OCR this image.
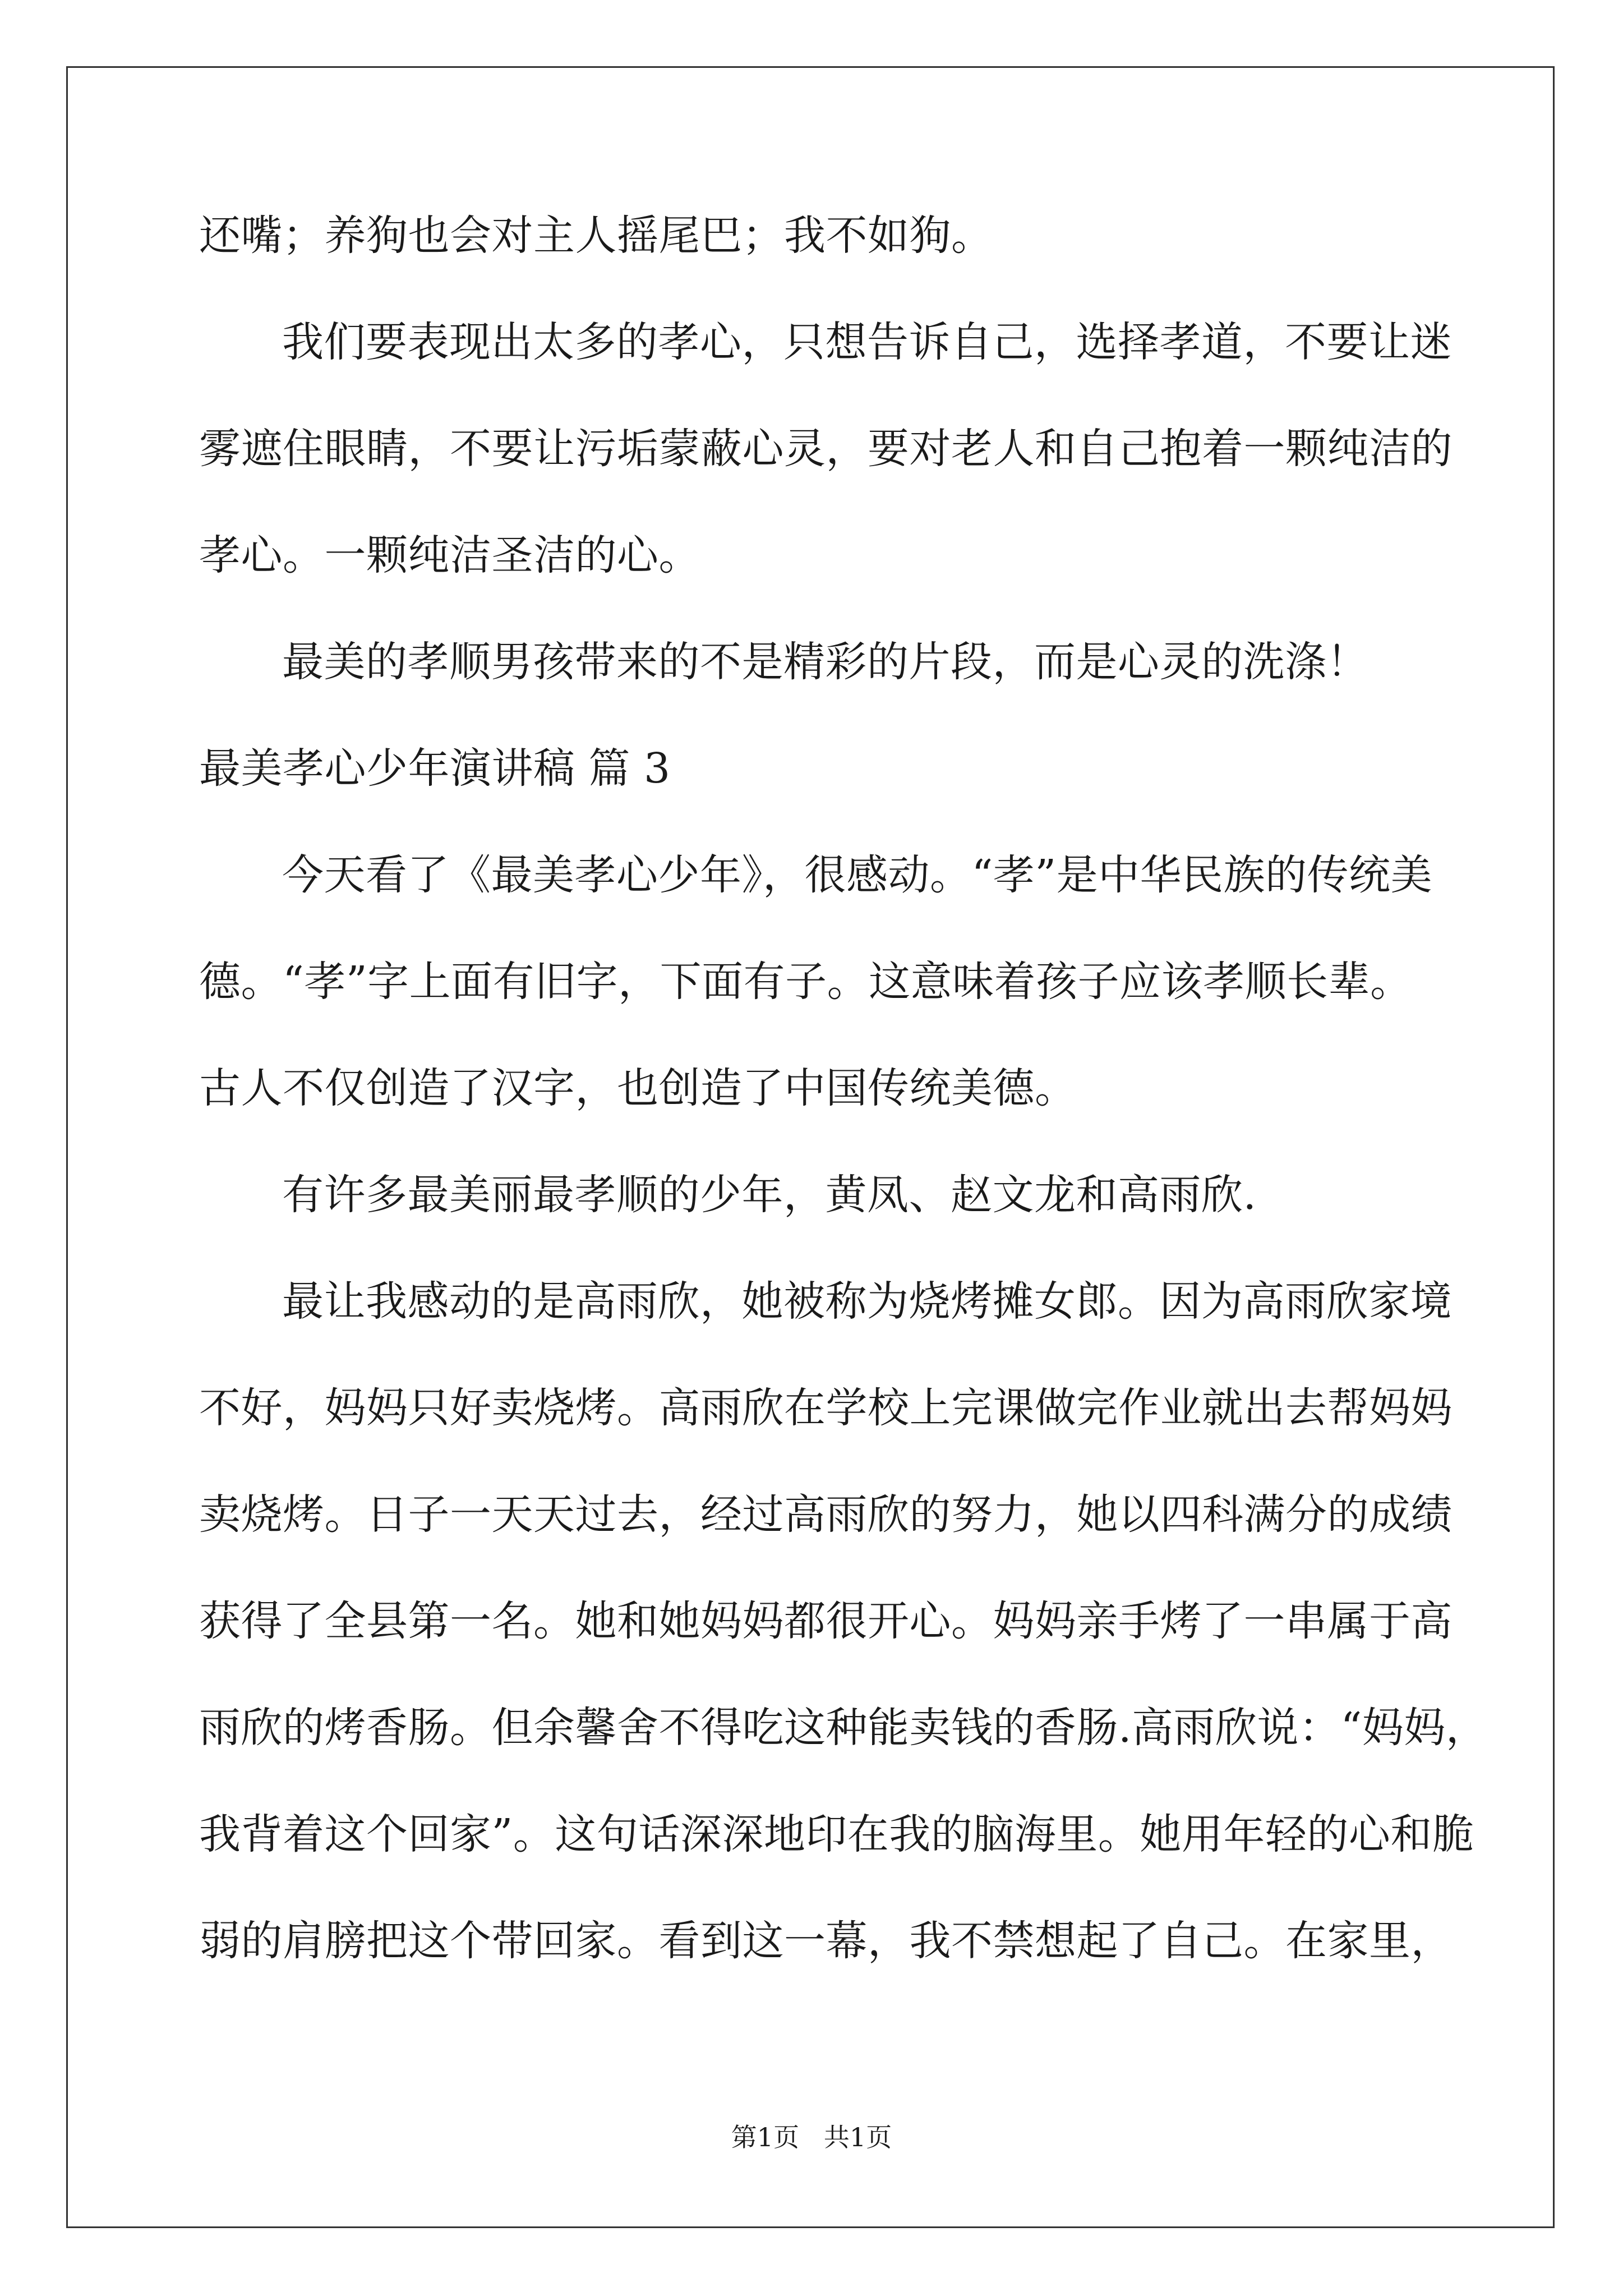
还嘴；养狗也会对主人摇尾巴；我不如狗。
我们要表现出太多的孝心，只想告诉自己，选择孝道，不要让迷
雾遮住眼睛，不要让污垢蒙蔽心灵，要对老人和自己抱着一颗纯洁的
孝心。一颗纯洁圣洁的心。
最美的孝顺男孩带来的不是精彩的片段，而是心灵的洗涤！
最美孝心少年演讲稿 篇 3
今天看了《最美孝心少年》，很感动。“孝”是中华民族的传统美
德。“孝”字上面有旧字，下面有子。这意味着孩子应该孝顺长辈。
古人不仅创造了汉字，也创造了中国传统美德。
有许多最美丽最孝顺的少年，黄凤、赵文龙和高雨欣.
最让我感动的是高雨欣，她被称为烧烤摊女郎。因为高雨欣家境
不好，妈妈只好卖烧烤。高雨欣在学校上完课做完作业就出去帮妈妈
卖烧烤。日子一天天过去，经过高雨欣的努力，她以四科满分的成绩
获得了全县第一名。她和她妈妈都很开心。妈妈亲手烤了一串属于高
雨欣的烤香肠。但余馨舍不得吃这种能卖钱的香肠.高雨欣说：“妈妈，
我背着这个回家”。这句话深深地印在我的脑海里。她用年轻的心和脆
弱的肩膀把这个带回家。看到这一幕，我不禁想起了自己。在家里，
第1页   共1页
